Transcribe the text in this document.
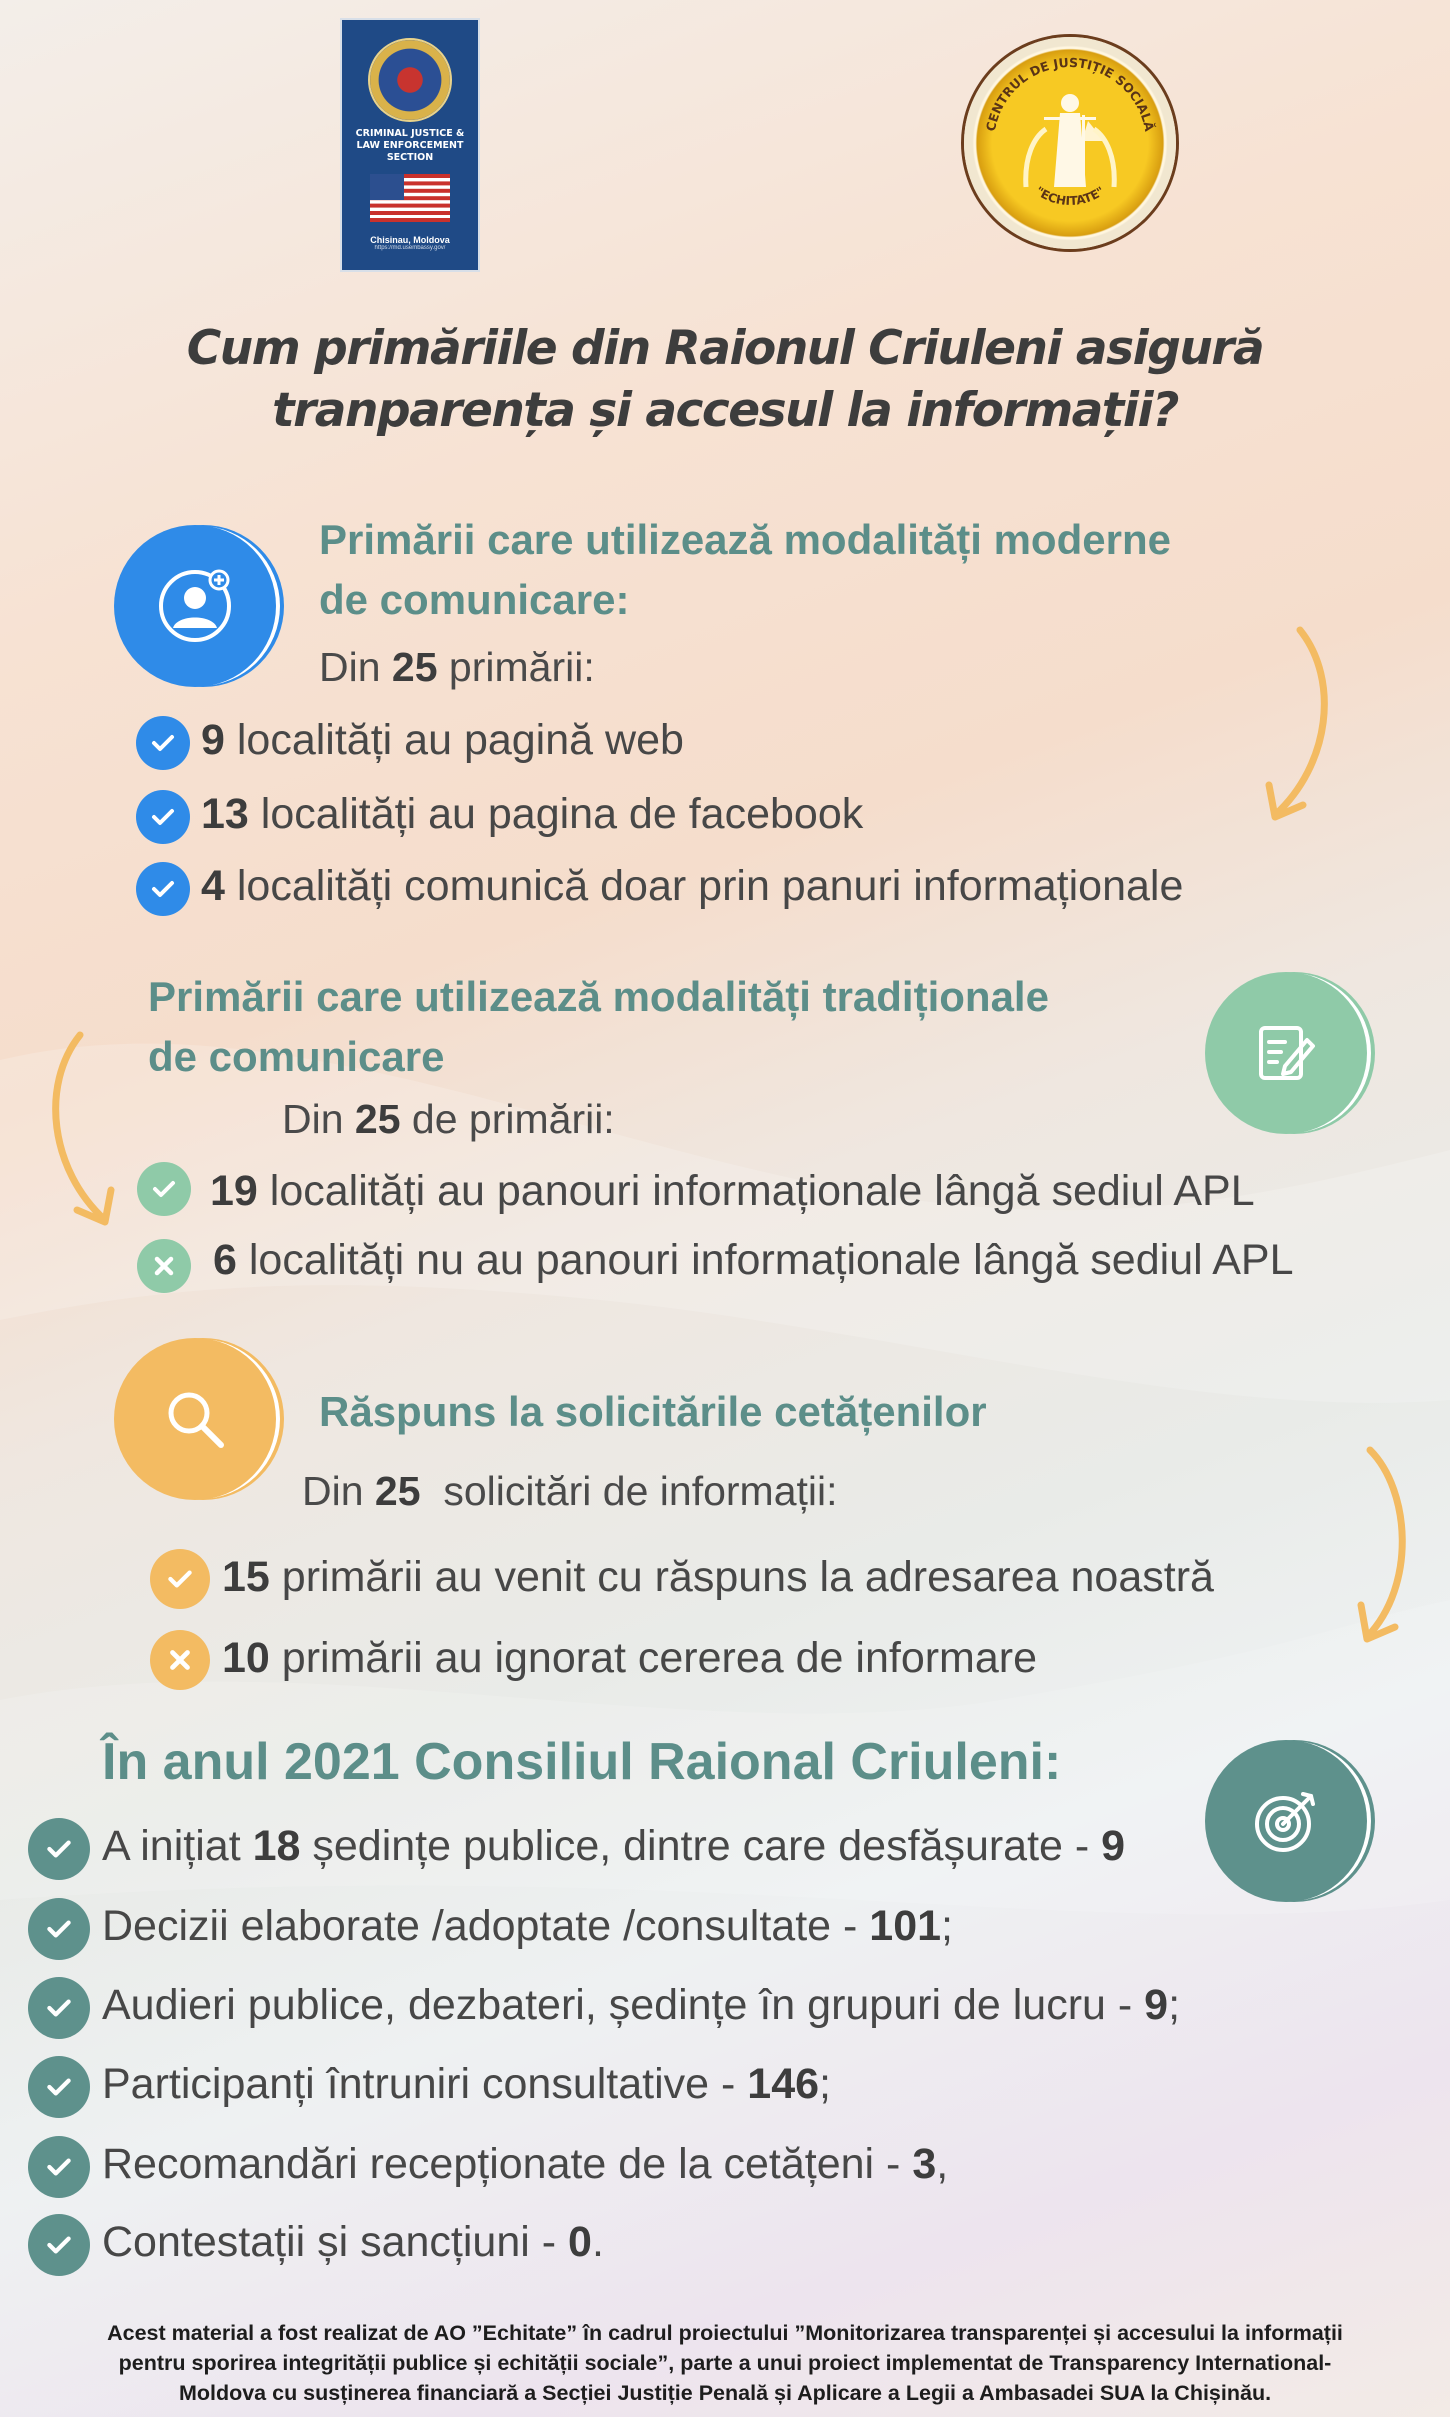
CRIMINAL JUSTICE & LAW ENFORCEMENT SECTION
Chisinau, Moldova
https://md.usembassy.gov/
CENTRUL DE JUSTIȚIE SOCIALĂ
"ECHITATE"
Cum primăriile din Raionul Criuleni asigură
tranparența și accesul la informații?
Primării care utilizează modalități moderne
de comunicare:
Din 25 primării:
9 localități au pagină web
13 localități au pagina de facebook
4 localități comunică doar prin panuri informaționale
Primării care utilizează modalități tradiționale
de comunicare
Din 25 de primării:
19 localități au panouri informaționale lângă sediul APL
6 localități nu au panouri informaționale lângă sediul APL
Răspuns la solicitările cetățenilor
Din 25  solicitări de informații:
15 primării au venit cu răspuns la adresarea noastră
10 primării au ignorat cererea de informare
În anul 2021 Consiliul Raional Criuleni:
A inițiat 18 ședințe publice, dintre care desfășurate - 9
Decizii elaborate /adoptate /consultate - 101;
Audieri publice, dezbateri, ședințe în grupuri de lucru - 9;
Participanți întruniri consultative - 146;
Recomandări recepționate de la cetățeni - 3,
Contestații și sancțiuni - 0.
Acest material a fost realizat de AO ”Echitate” în cadrul proiectului ”Monitorizarea transparenței și accesului la informații
pentru sporirea integrității publice și echității sociale”, parte a unui proiect implementat de Transparency International-
Moldova cu susținerea financiară a Secției Justiție Penală și Aplicare a Legii a Ambasadei SUA la Chișinău.
